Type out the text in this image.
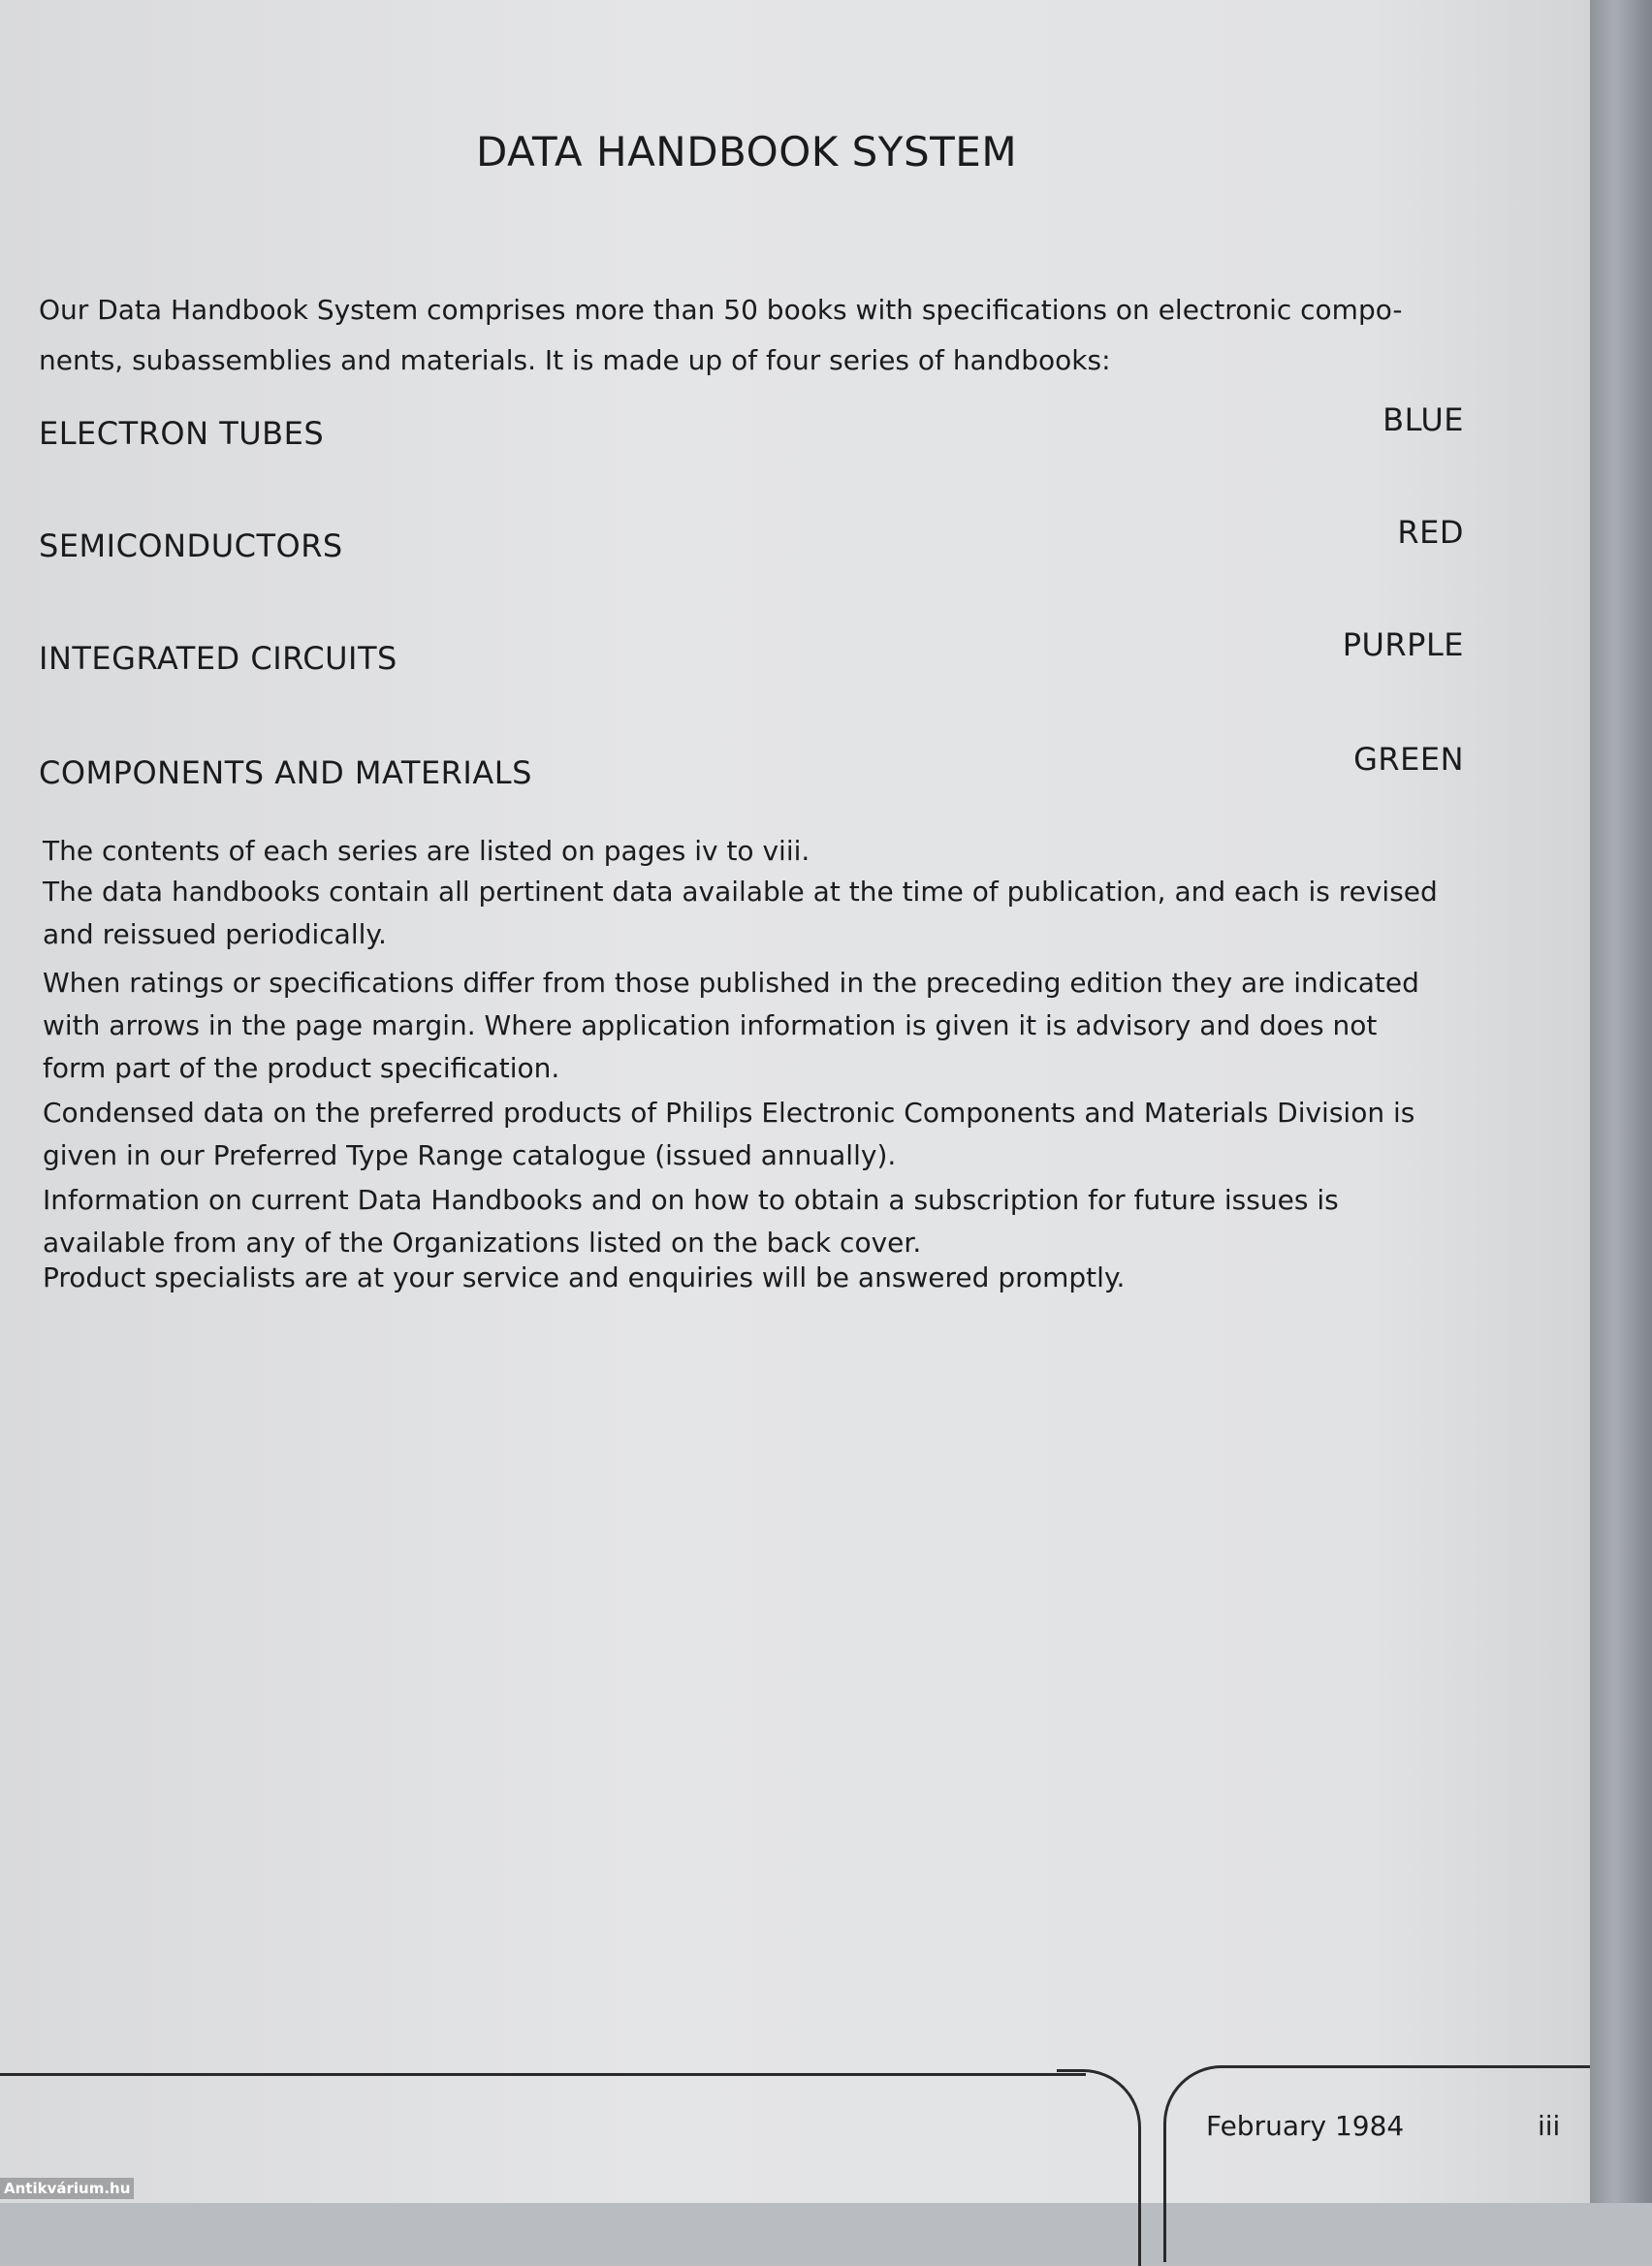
DATA HANDBOOK SYSTEM
Our Data Handbook System comprises more than 50 books with specifications on electronic compo-
nents, subassemblies and materials. It is made up of four series of handbooks:
ELECTRON TUBES	BLUE
SEMICONDUCTORS	RED
INTEGRATED CIRCUITS	PURPLE
COMPONENTS AND MATERIALS	GREEN
The contents of each series are listed on pages iv to viii.
The data handbooks contain all pertinent data available at the time of publication, and each is revised and reissued periodically.
When ratings or specifications differ from those published in the preceding edition they are indicated with arrows in the page margin. Where application information is given it is advisory and does not form part of the product specification.
Condensed data on the preferred products of Philips Electronic Components and Materials Division is given in our Preferred Type Range catalogue (issued annually).
Information on current Data Handbooks and on how to obtain a subscription for future issues is available from any of the Organizations listed on the back cover.
Product specialists are at your service and enquiries will be answered promptly.
February 1984	iii
Antikvárium.hu
